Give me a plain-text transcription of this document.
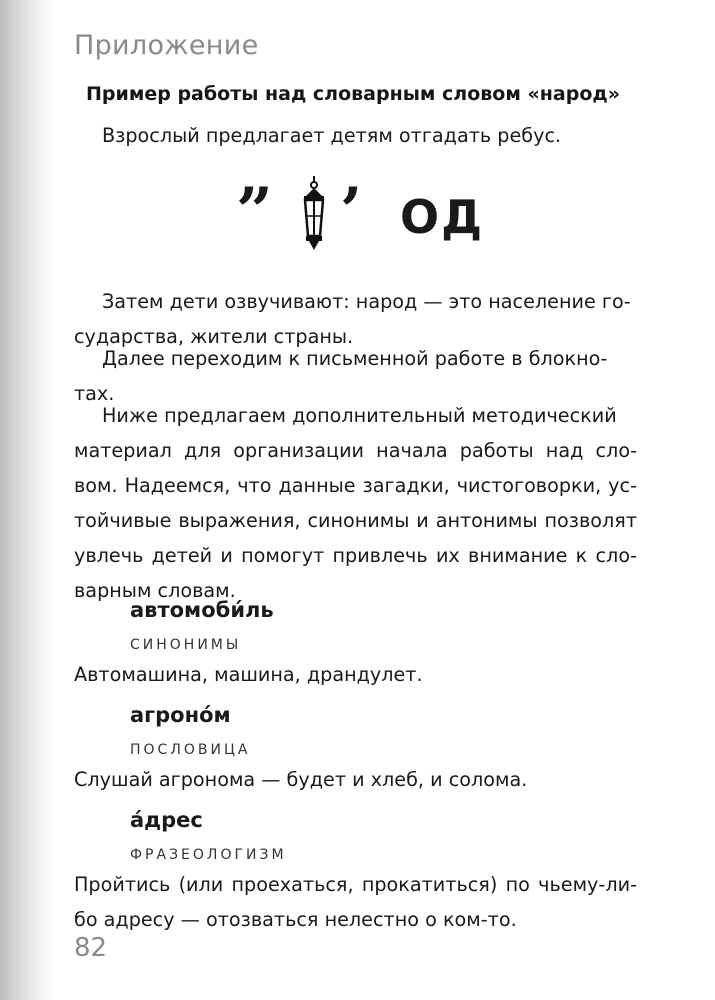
Приложение
Пример работы над словарным словом «народ»
Взрослый предлагает детям отгадать ребус.
” ’ ОД
Затем дети озвучивают: народ — это население го-
сударства, жители страны.
Далее переходим к письменной работе в блокно-
тах.
Ниже предлагаем дополнительный методический
материал для организации начала работы над словом. Надеемся, что данные загадки, чистоговорки, устойчивые выражения, синонимы и антонимы позволят увлечь детей и помогут привлечь их внимание к словарным словам.
автомоби́ль
СИНОНИМЫ
Автомашина, машина, драндулет.
агроно́м
ПОСЛОВИЦА
Слушай агронома — будет и хлеб, и солома.
а́дрес
ФРАЗЕОЛОГИЗМ
Пройтись (или проехаться, прокатиться) по чьему-либо адресу — отозваться нелестно о ком-то.
82
